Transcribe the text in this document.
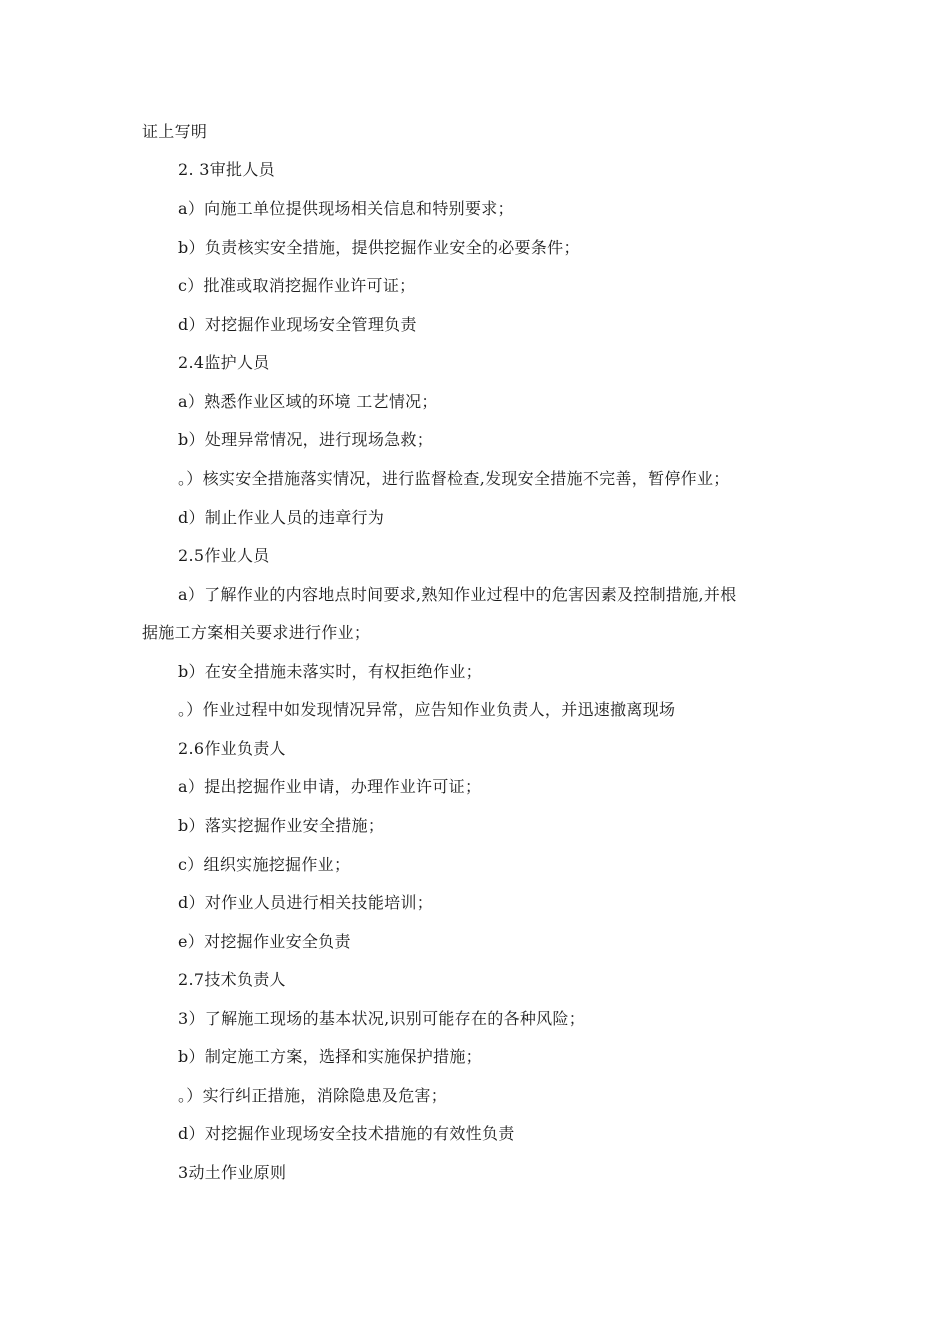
证上写明
2. 3审批人员
a）向施工单位提供现场相关信息和特别要求；
b）负责核实安全措施，提供挖掘作业安全的必要条件；
c）批准或取消挖掘作业许可证；
d）对挖掘作业现场安全管理负责
2.4监护人员
a）熟悉作业区域的环境 工艺情况；
b）处理异常情况，进行现场急救；
。）核实安全措施落实情况，进行监督检查,发现安全措施不完善，暂停作业；
d）制止作业人员的违章行为
2.5作业人员
a）了解作业的内容地点时间要求,熟知作业过程中的危害因素及控制措施,并根
据施工方案相关要求进行作业；
b）在安全措施未落实时，有权拒绝作业；
。）作业过程中如发现情况异常，应告知作业负责人，并迅速撤离现场
2.6作业负责人
a）提出挖掘作业申请，办理作业许可证；
b）落实挖掘作业安全措施；
c）组织实施挖掘作业；
d）对作业人员进行相关技能培训；
e）对挖掘作业安全负责
2.7技术负责人
3）了解施工现场的基本状况,识别可能存在的各种风险；
b）制定施工方案，选择和实施保护措施；
。）实行纠正措施，消除隐患及危害；
d）对挖掘作业现场安全技术措施的有效性负责
3动土作业原则
